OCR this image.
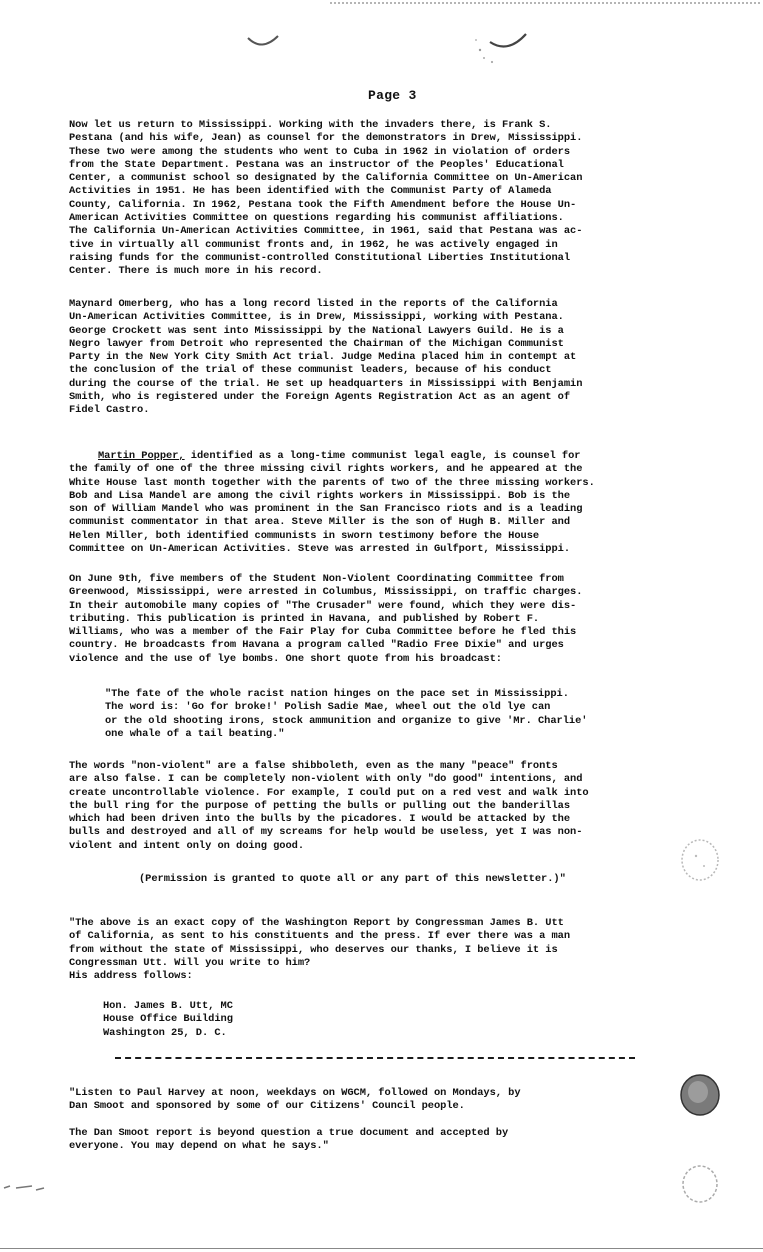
Page 3

Now let us return to Mississippi. Working with the invaders there, is Frank S.
Pestana (and his wife, Jean) as counsel for the demonstrators in Drew, Mississippi.
These two were among the students who went to Cuba in 1962 in violation of orders
from the State Department. Pestana was an instructor of the Peoples' Educational
Center, a communist school so designated by the California Committee on Un-American
Activities in 1951. He has been identified with the Communist Party of Alameda
County, California. In 1962, Pestana took the Fifth Amendment before the House Un-
American Activities Committee on questions regarding his communist affiliations.
The California Un-American Activities Committee, in 1961, said that Pestana was ac-
tive in virtually all communist fronts and, in 1962, he was actively engaged in
raising funds for the communist-controlled Constitutional Liberties Institutional
Center. There is much more in his record.

Maynard Omerberg, who has a long record listed in the reports of the California
Un-American Activities Committee, is in Drew, Mississippi, working with Pestana.
George Crockett was sent into Mississippi by the National Lawyers Guild. He is a
Negro lawyer from Detroit who represented the Chairman of the Michigan Communist
Party in the New York City Smith Act trial. Judge Medina placed him in contempt at
the conclusion of the trial of these communist leaders, because of his conduct
during the course of the trial. He set up headquarters in Mississippi with Benjamin
Smith, who is registered under the Foreign Agents Registration Act as an agent of
Fidel Castro.

Martin Popper, identified as a long-time communist legal eagle, is counsel for
the family of one of the three missing civil rights workers, and he appeared at the
White House last month together with the parents of two of the three missing workers.
Bob and Lisa Mandel are among the civil rights workers in Mississippi. Bob is the
son of William Mandel who was prominent in the San Francisco riots and is a leading
communist commentator in that area. Steve Miller is the son of Hugh B. Miller and
Helen Miller, both identified communists in sworn testimony before the House
Committee on Un-American Activities. Steve was arrested in Gulfport, Mississippi.

On June 9th, five members of the Student Non-Violent Coordinating Committee from
Greenwood, Mississippi, were arrested in Columbus, Mississippi, on traffic charges.
In their automobile many copies of "The Crusader" were found, which they were dis-
tributing. This publication is printed in Havana, and published by Robert F.
Williams, who was a member of the Fair Play for Cuba Committee before he fled this
country. He broadcasts from Havana a program called "Radio Free Dixie" and urges
violence and the use of lye bombs. One short quote from his broadcast:

"The fate of the whole racist nation hinges on the pace set in Mississippi.
The word is: 'Go for broke!' Polish Sadie Mae, wheel out the old lye can
or the old shooting irons, stock ammunition and organize to give 'Mr. Charlie'
one whale of a tail beating."

The words "non-violent" are a false shibboleth, even as the many "peace" fronts
are also false. I can be completely non-violent with only "do good" intentions, and
create uncontrollable violence. For example, I could put on a red vest and walk into
the bull ring for the purpose of petting the bulls or pulling out the banderillas
which had been driven into the bulls by the picadores. I would be attacked by the
bulls and destroyed and all of my screams for help would be useless, yet I was non-
violent and intent only on doing good.

(Permission is granted to quote all or any part of this newsletter.)"

"The above is an exact copy of the Washington Report by Congressman James B. Utt
of California, as sent to his constituents and the press. If ever there was a man
from without the state of Mississippi, who deserves our thanks, I believe it is
Congressman Utt. Will you write to him?
His address follows:

Hon. James B. Utt, MC
House Office Building
Washington 25, D. C.

"Listen to Paul Harvey at noon, weekdays on WGCM, followed on Mondays, by
Dan Smoot and sponsored by some of our Citizens' Council people.

The Dan Smoot report is beyond question a true document and accepted by
everyone. You may depend on what he says."
